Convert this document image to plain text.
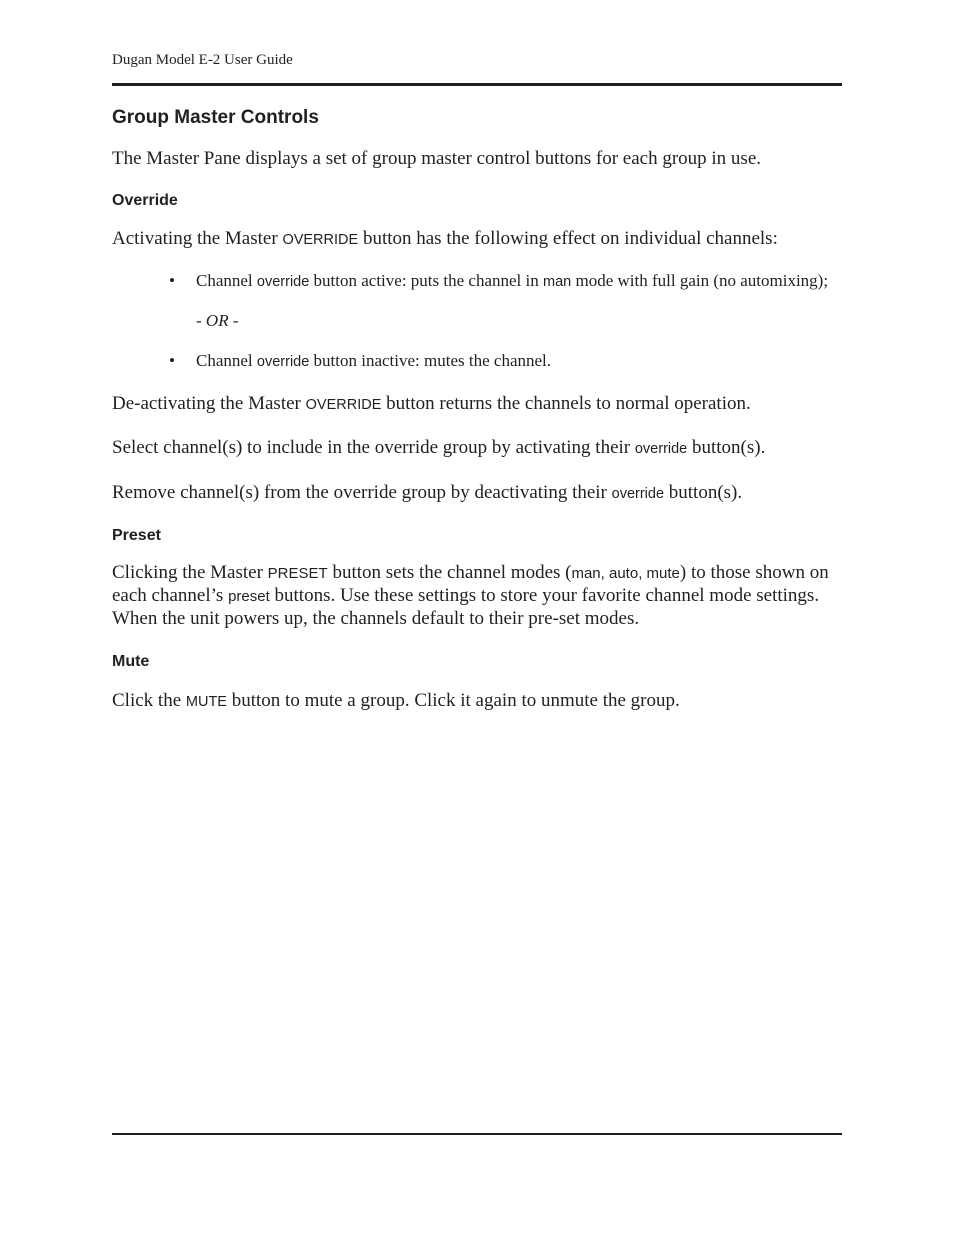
Dugan Model E-2 User Guide
Group Master Controls

The Master Pane displays a set of group master control buttons for each group in use.

Override

Activating the Master OVERRIDE button has the following effect on individual channels:

• Channel override button active: puts the channel in man mode with full gain (no automixing);
- OR -
• Channel override button inactive: mutes the channel.

De-activating the Master OVERRIDE button returns the channels to normal operation.

Select channel(s) to include in the override group by activating their override button(s).

Remove channel(s) from the override group by deactivating their override button(s).

Preset

Clicking the Master PRESET button sets the channel modes (man, auto, mute) to those shown on each channel’s preset buttons. Use these settings to store your favorite channel mode settings. When the unit powers up, the channels default to their pre-set modes.

Mute

Click the MUTE button to mute a group. Click it again to unmute the group.
